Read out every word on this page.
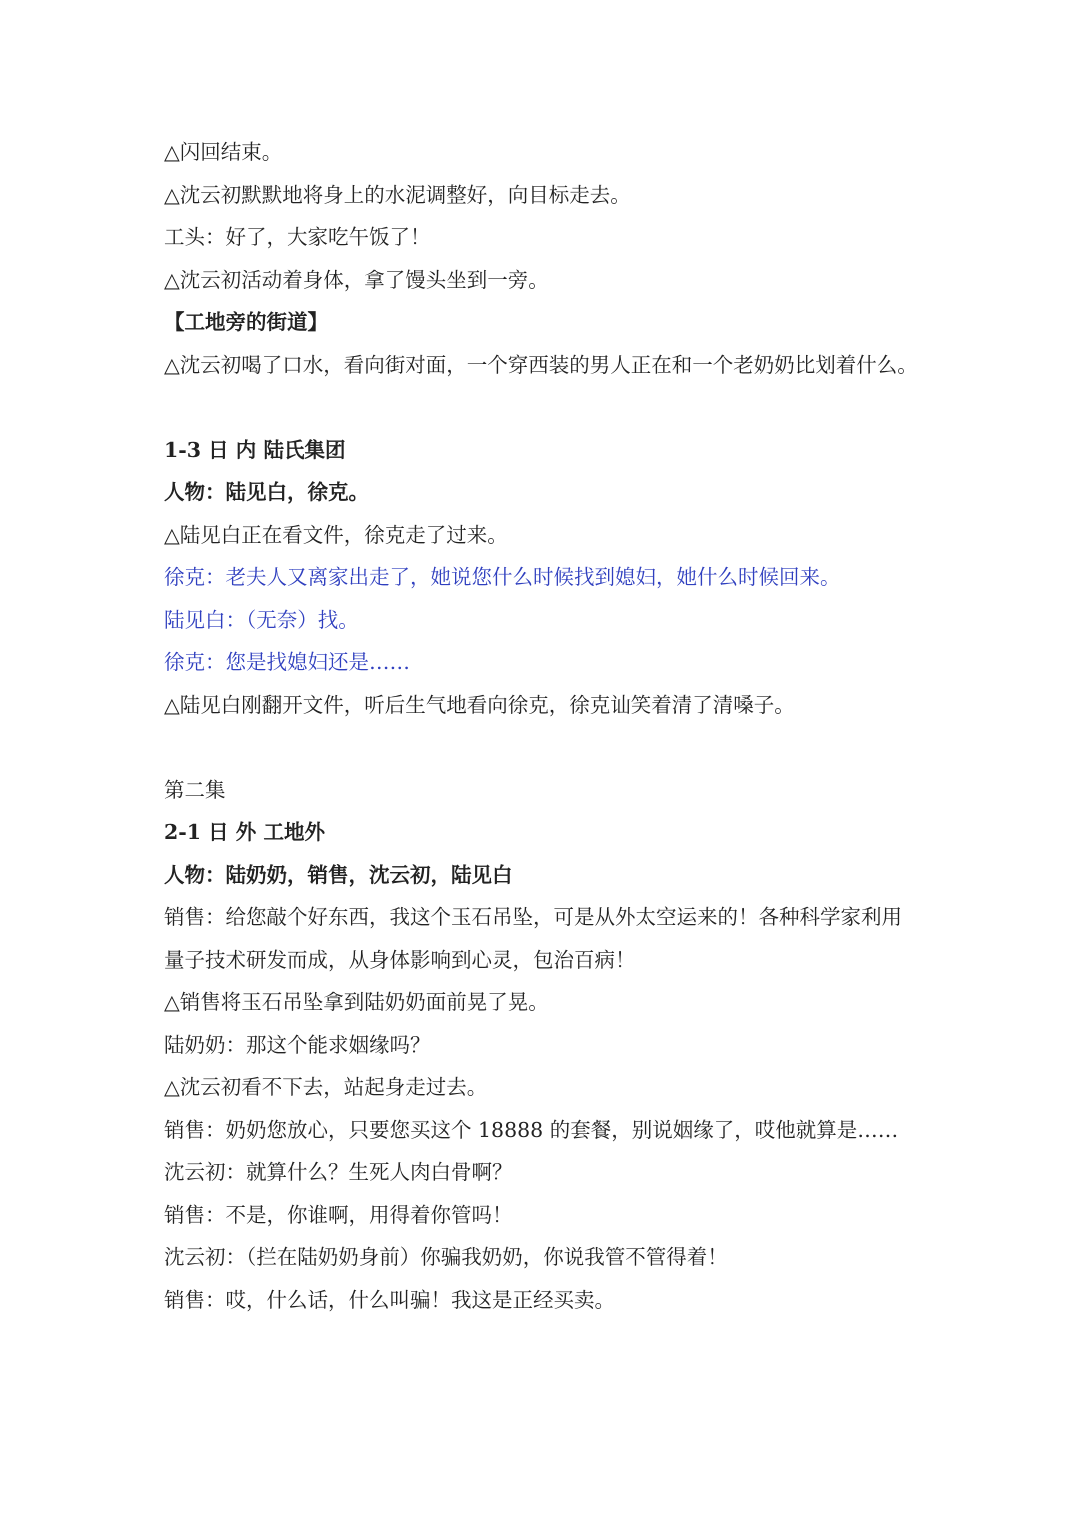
△闪回结束。
△沈云初默默地将身上的水泥调整好，向目标走去。
工头：好了，大家吃午饭了！
△沈云初活动着身体，拿了馒头坐到一旁。
【工地旁的街道】
△沈云初喝了口水，看向街对面，一个穿西装的男人正在和一个老奶奶比划着什么。
1-3 日 内 陆氏集团
人物：陆见白，徐克。
△陆见白正在看文件，徐克走了过来。
徐克：老夫人又离家出走了，她说您什么时候找到媳妇，她什么时候回来。
陆见白：（无奈）找。
徐克：您是找媳妇还是……
△陆见白刚翻开文件，听后生气地看向徐克，徐克讪笑着清了清嗓子。
第二集
2-1 日 外 工地外
人物：陆奶奶，销售，沈云初，陆见白
销售：给您敲个好东西，我这个玉石吊坠，可是从外太空运来的！各种科学家利用量子技术研发而成，从身体影响到心灵，包治百病！
△销售将玉石吊坠拿到陆奶奶面前晃了晃。
陆奶奶：那这个能求姻缘吗？
△沈云初看不下去，站起身走过去。
销售：奶奶您放心，只要您买这个 18888 的套餐，别说姻缘了，哎他就算是……
沈云初：就算什么？生死人肉白骨啊？
销售：不是，你谁啊，用得着你管吗！
沈云初：（拦在陆奶奶身前）你骗我奶奶，你说我管不管得着！
销售：哎，什么话，什么叫骗！我这是正经买卖。
